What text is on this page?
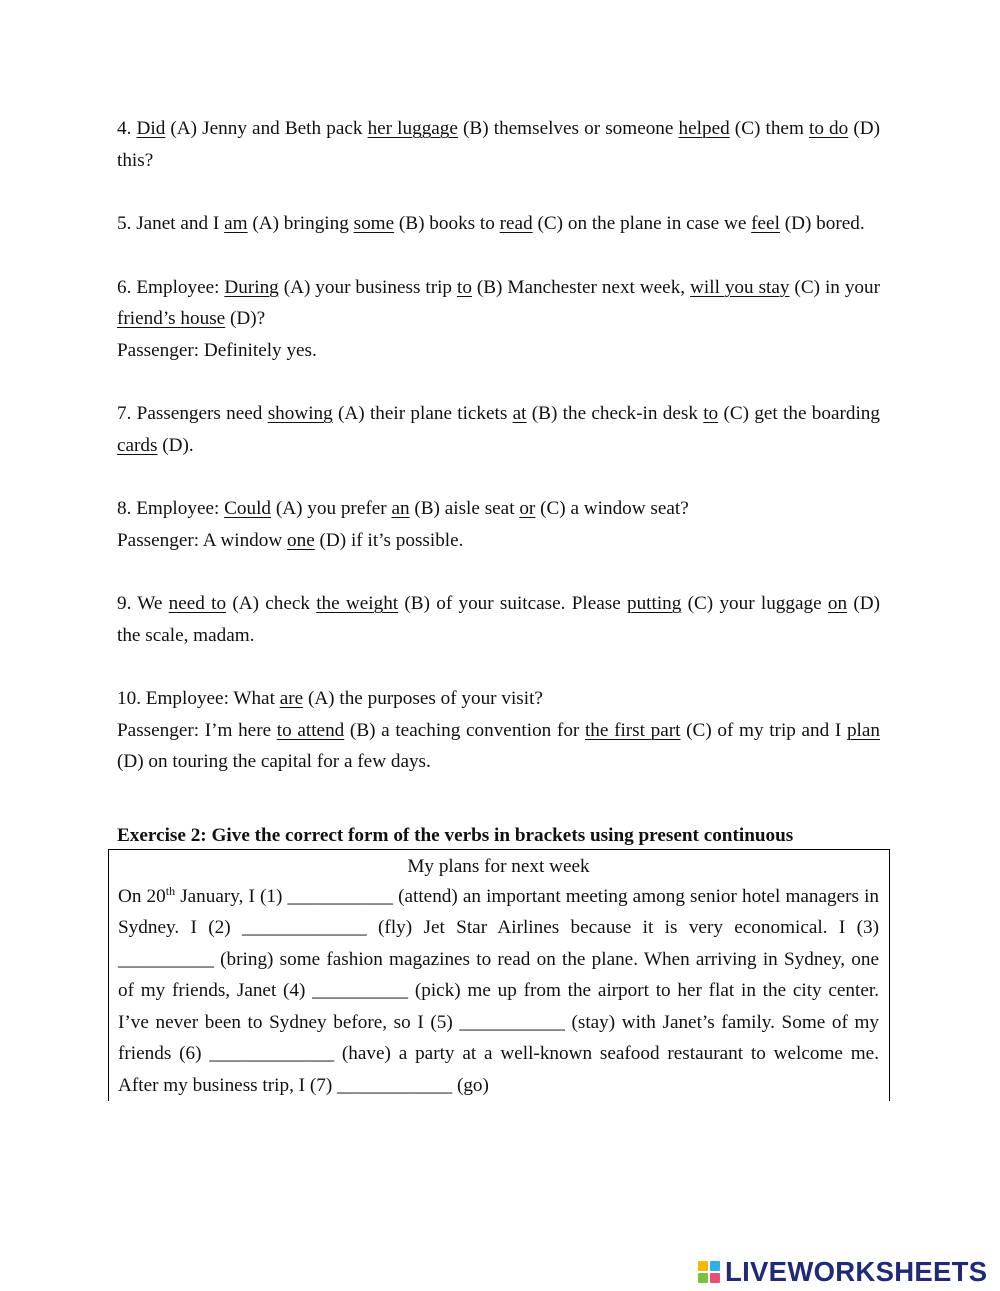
4. Did (A) Jenny and Beth pack her luggage (B) themselves or someone helped (C) them to do (D) this?

5. Janet and I am (A) bringing some (B) books to read (C) on the plane in case we feel (D) bored.

6. Employee: During (A) your business trip to (B) Manchester next week, will you stay (C) in your friend’s house (D)?

Passenger: Definitely yes.

7. Passengers need showing (A) their plane tickets at (B) the check-in desk to (C) get the boarding cards (D).

8. Employee: Could (A) you prefer an (B) aisle seat or (C) a window seat?

Passenger: A window one (D) if it’s possible.

9. We need to (A) check the weight (B) of your suitcase. Please putting (C) your luggage on (D) the scale, madam.

10. Employee: What are (A) the purposes of your visit?

Passenger: I’m here to attend (B) a teaching convention for the first part (C) of my trip and I plan (D) on touring the capital for a few days.

Exercise 2: Give the correct form of the verbs in brackets using present continuous
My plans for next week
On 20th January, I (1) ___________ (attend) an important meeting among senior hotel managers in Sydney. I (2) _____________ (fly) Jet Star Airlines because it is very economical. I (3) __________ (bring) some fashion magazines to read on the plane. When arriving in Sydney, one of my friends, Janet (4) __________ (pick) me up from the airport to her flat in the city center. I’ve never been to Sydney before, so I (5) ___________ (stay) with Janet’s family. Some of my friends (6) _____________ (have) a party at a well-known seafood restaurant to welcome me. After my business trip, I (7) ____________ (go)
LIVEWORKSHEETS
